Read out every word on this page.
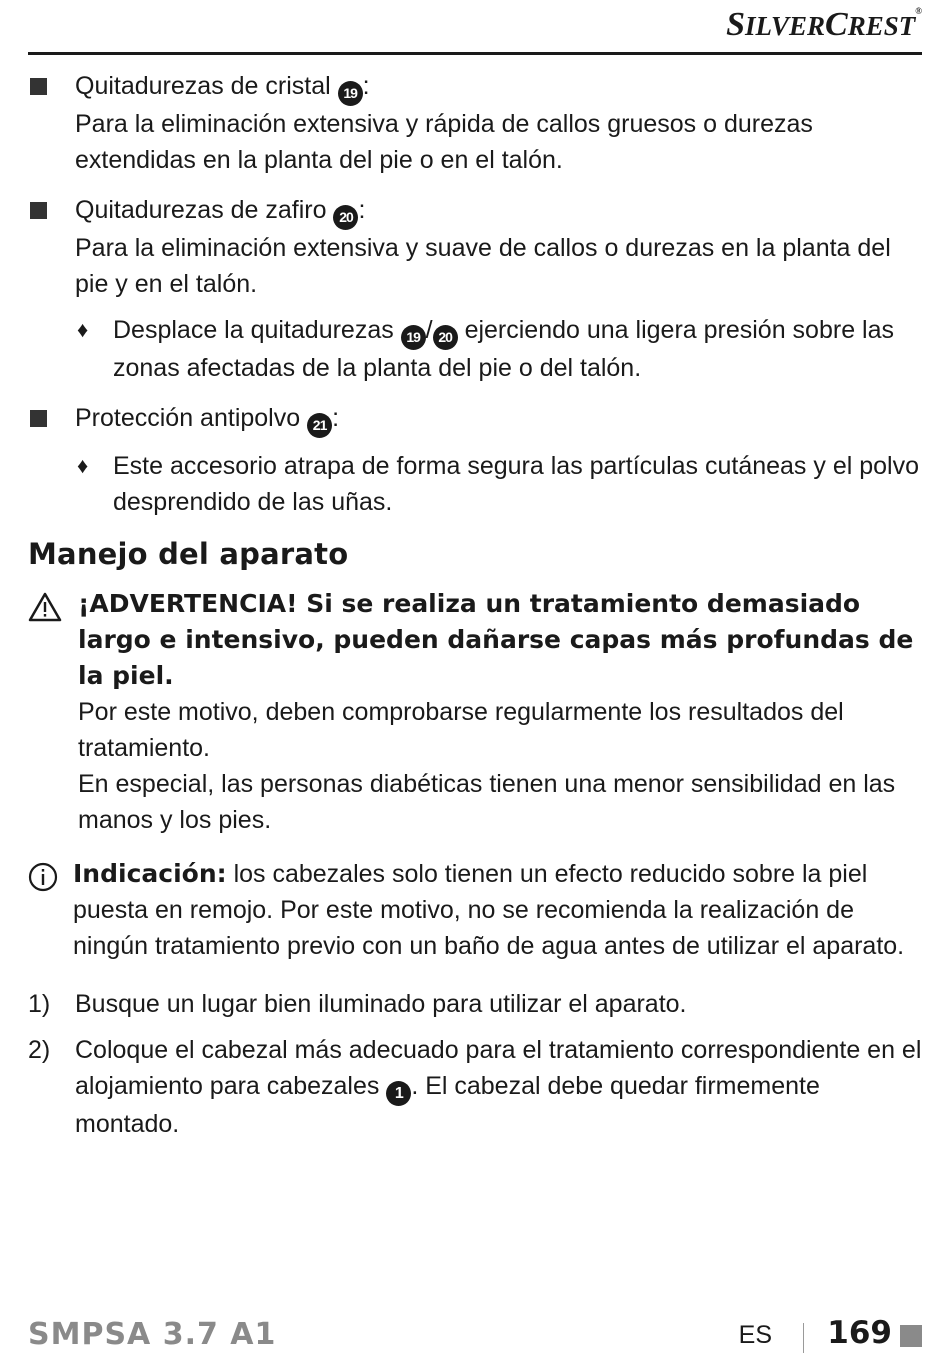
SILVERCREST®
Quitadurezas de cristal 19 :
Para la eliminación extensiva y rápida de callos gruesos o durezas extendidas en la planta del pie o en el talón.
Quitadurezas de zafiro 20 :
Para la eliminación extensiva y suave de callos o durezas en la planta del pie y en el talón.
♦ Desplace la quitadurezas 19 / 20 ejerciendo una ligera presión sobre las zonas afectadas de la planta del pie o del talón.
Protección antipolvo 21 :
♦ Este accesorio atrapa de forma segura las partículas cutáneas y el polvo desprendido de las uñas.
Manejo del aparato
¡ADVERTENCIA! Si se realiza un tratamiento demasiado largo e intensivo, pueden dañarse capas más profundas de la piel.
Por este motivo, deben comprobarse regularmente los resultados del tratamiento.
En especial, las personas diabéticas tienen una menor sensibilidad en las manos y los pies.
Indicación: los cabezales solo tienen un efecto reducido sobre la piel puesta en remojo. Por este motivo, no se recomienda la realización de ningún tratamiento previo con un baño de agua antes de utilizar el aparato.
1) Busque un lugar bien iluminado para utilizar el aparato.
2) Coloque el cabezal más adecuado para el tratamiento correspondiente en el alojamiento para cabezales 1 . El cabezal debe quedar firmemente montado.
SMPSA 3.7 A1	ES 169
